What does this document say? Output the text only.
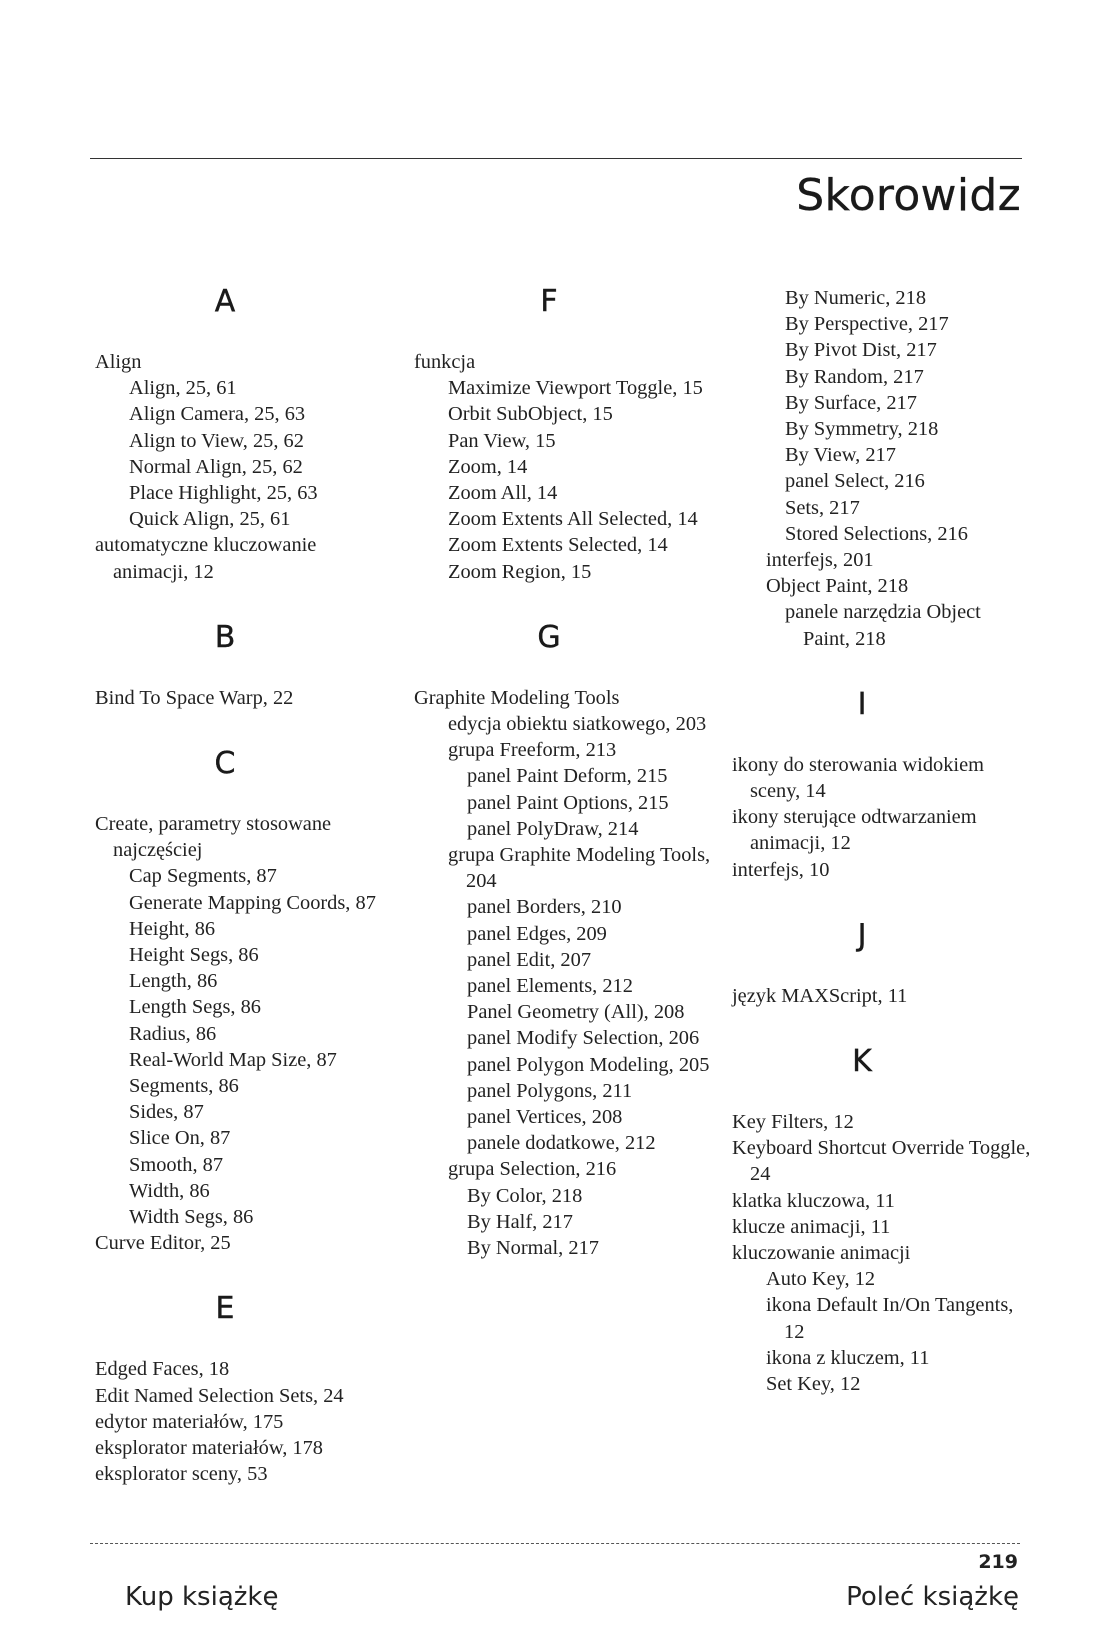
Skorowidz
A
Align
Align, 25, 61
Align Camera, 25, 63
Align to View, 25, 62
Normal Align, 25, 62
Place Highlight, 25, 63
Quick Align, 25, 61
automatyczne kluczowanie animacji, 12
B
Bind To Space Warp, 22
C
Create, parametry stosowane najczęściej
Cap Segments, 87
Generate Mapping Coords, 87
Height, 86
Height Segs, 86
Length, 86
Length Segs, 86
Radius, 86
Real-World Map Size, 87
Segments, 86
Sides, 87
Slice On, 87
Smooth, 87
Width, 86
Width Segs, 86
Curve Editor, 25
E
Edged Faces, 18
Edit Named Selection Sets, 24
edytor materiałów, 175
eksplorator materiałów, 178
eksplorator sceny, 53
F
funkcja
Maximize Viewport Toggle, 15
Orbit SubObject, 15
Pan View, 15
Zoom, 14
Zoom All, 14
Zoom Extents All Selected, 14
Zoom Extents Selected, 14
Zoom Region, 15
G
Graphite Modeling Tools
edycja obiektu siatkowego, 203
grupa Freeform, 213
panel Paint Deform, 215
panel Paint Options, 215
panel PolyDraw, 214
grupa Graphite Modeling Tools, 204
panel Borders, 210
panel Edges, 209
panel Edit, 207
panel Elements, 212
Panel Geometry (All), 208
panel Modify Selection, 206
panel Polygon Modeling, 205
panel Polygons, 211
panel Vertices, 208
panele dodatkowe, 212
grupa Selection, 216
By Color, 218
By Half, 217
By Normal, 217
By Numeric, 218
By Perspective, 217
By Pivot Dist, 217
By Random, 217
By Surface, 217
By Symmetry, 218
By View, 217
panel Select, 216
Sets, 217
Stored Selections, 216
interfejs, 201
Object Paint, 218
panele narzędzia Object Paint, 218
I
ikony do sterowania widokiem sceny, 14
ikony sterujące odtwarzaniem animacji, 12
interfejs, 10
J
język MAXScript, 11
K
Key Filters, 12
Keyboard Shortcut Override Toggle, 24
klatka kluczowa, 11
klucze animacji, 11
kluczowanie animacji
Auto Key, 12
ikona Default In/On Tangents, 12
ikona z kluczem, 11
Set Key, 12
219
Kup książkę	Poleć książkę
